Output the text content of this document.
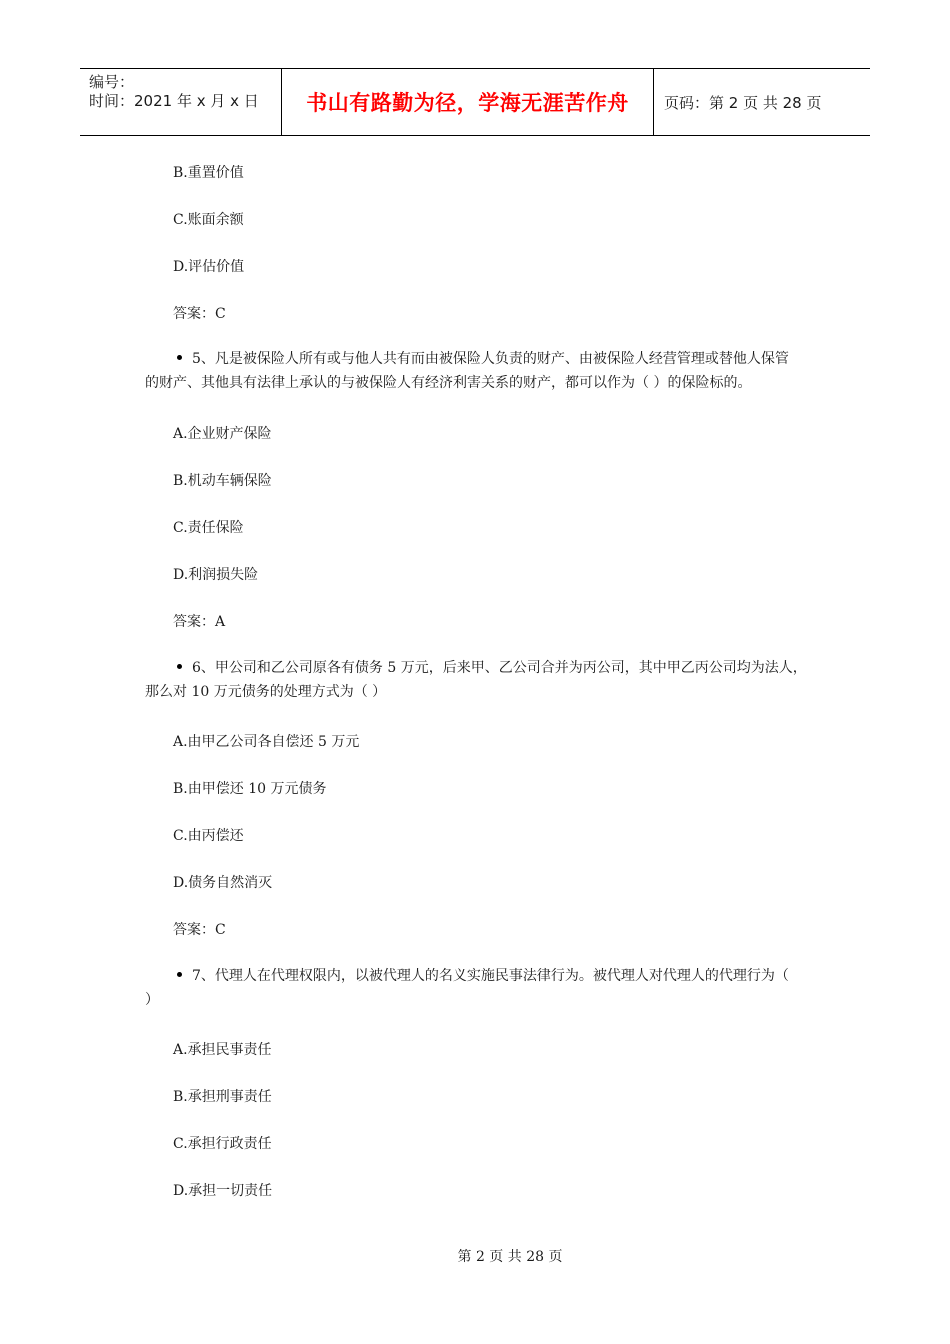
编号：
时间：2021 年 x 月 x 日	书山有路勤为径，学海无涯苦作舟	页码：第 2 页 共 28 页
B.重置价值
C.账面余额
D.评估价值
答案：C
5、凡是被保险人所有或与他人共有而由被保险人负责的财产、由被保险人经营管理或替他人保管
的财产、其他具有法律上承认的与被保险人有经济利害关系的财产，都可以作为（ ）的保险标的。
A.企业财产保险
B.机动车辆保险
C.责任保险
D.利润损失险
答案：A
6、甲公司和乙公司原各有债务 5 万元，后来甲、乙公司合并为丙公司，其中甲乙丙公司均为法人，
那么对 10 万元债务的处理方式为（ ）
A.由甲乙公司各自偿还 5 万元
B.由甲偿还 10 万元债务
C.由丙偿还
D.债务自然消灭
答案：C
7、代理人在代理权限内，以被代理人的名义实施民事法律行为。被代理人对代理人的代理行为（
）
A.承担民事责任
B.承担刑事责任
C.承担行政责任
D.承担一切责任
第 2 页 共 28 页
